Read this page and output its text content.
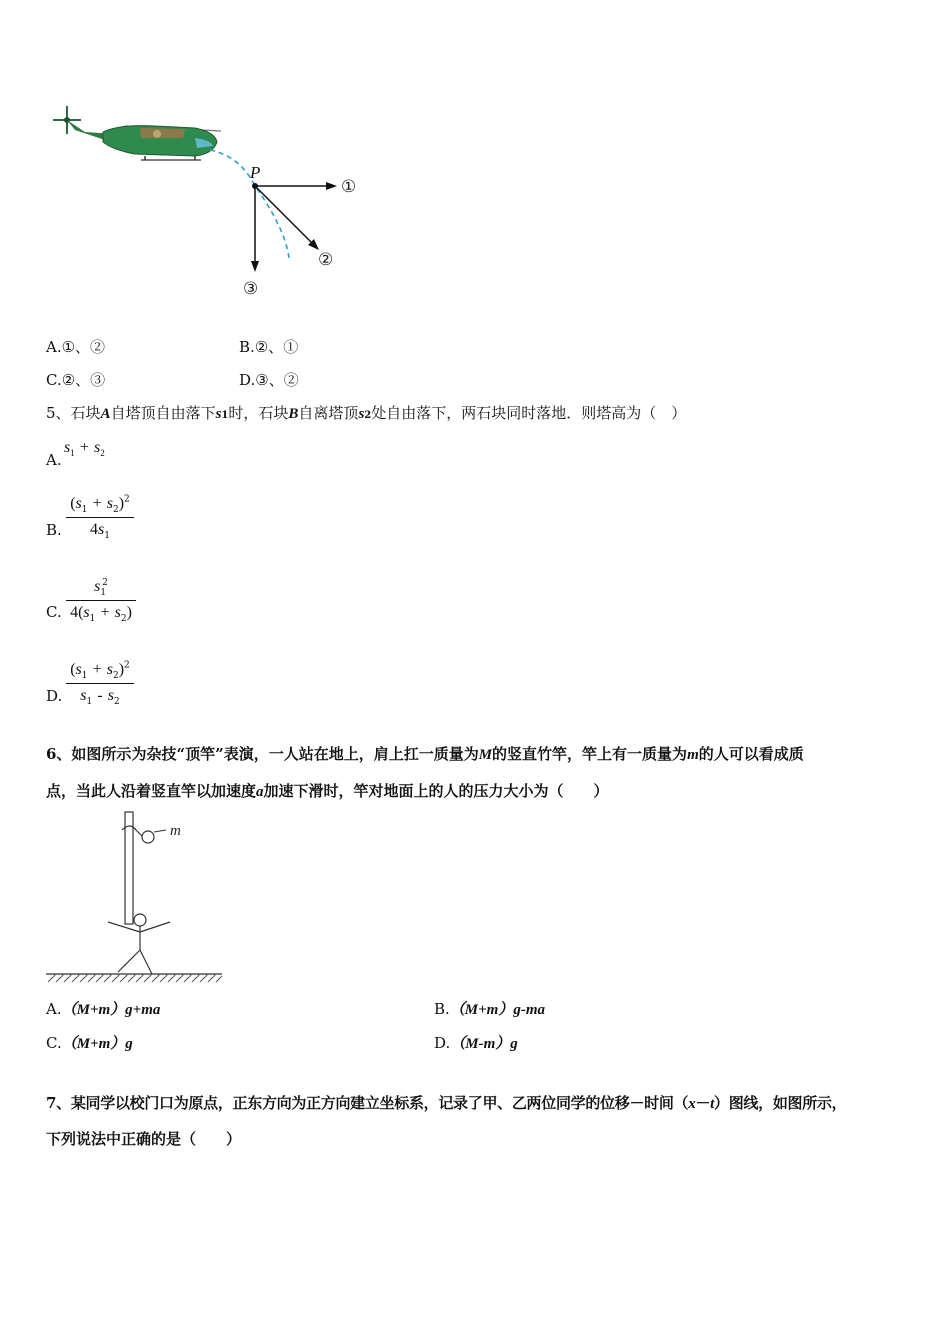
P
①
②
③
A.①、②	B.②、①
C.②、③	D.③、②
5、石块A自塔顶自由落下s1时，石块B自离塔顶s2处自由落下，两石块同时落地．则塔高为（　）
A.
$s_1 + s_2$
B.
$(s_1 + s_2)^2$
$4s_1$
C.
$s_1^2$
$4(s_1 + s_2)$
D.
$(s_1 + s_2)^2$
$s_1 - s_2$
6、如图所示为杂技“顶竿”表演，一人站在地上，肩上扛一质量为M的竖直竹竿，竿上有一质量为m的人可以看成质
点，当此人沿着竖直竿以加速度a加速下滑时，竿对地面上的人的压力大小为（　　）
m
A.（M+m）g+ma	B.（M+m）g-ma
C.（M+m）g	D.（M-m）g
7、某同学以校门口为原点，正东方向为正方向建立坐标系，记录了甲、乙两位同学的位移－时间（x－t）图线，如图所示，
下列说法中正确的是（　　）
